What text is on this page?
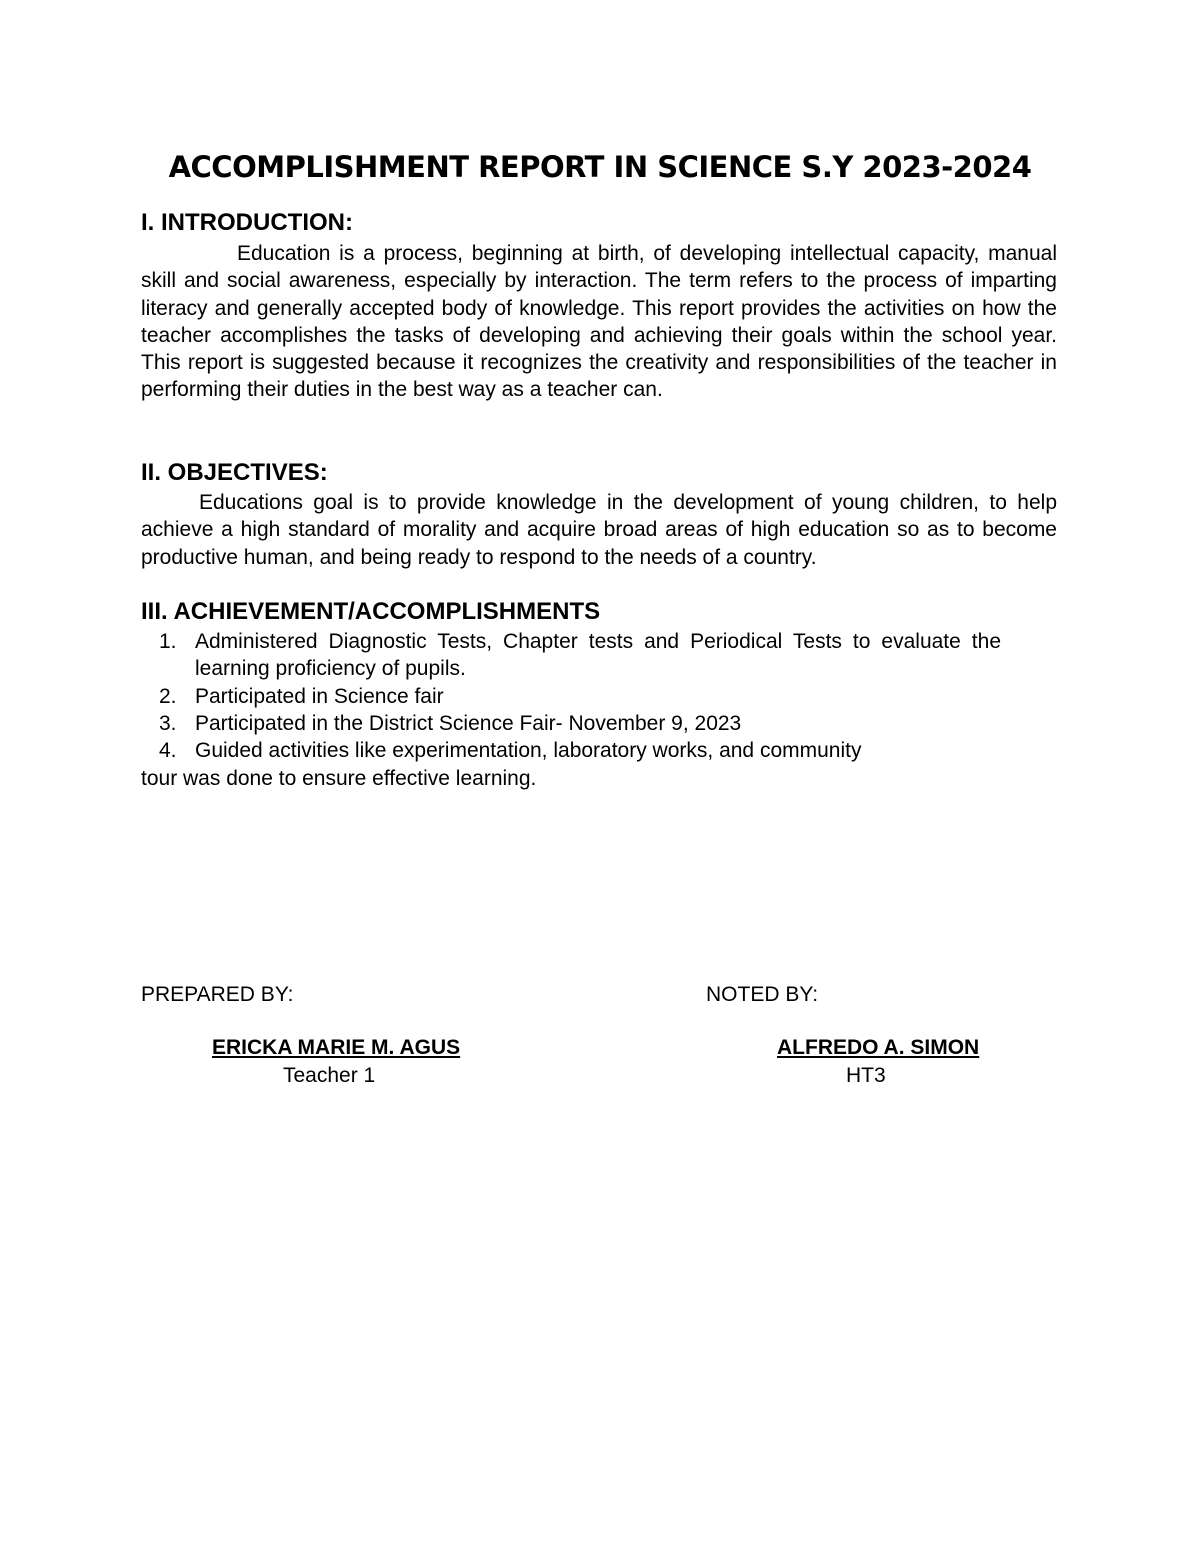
ACCOMPLISHMENT REPORT IN SCIENCE S.Y 2023-2024
I. INTRODUCTION:

Education is a process, beginning at birth, of developing intellectual capacity, manual skill and social awareness, especially by interaction. The term refers to the process of imparting literacy and generally accepted body of knowledge. This report provides the activities on how the teacher accomplishes the tasks of developing and achieving their goals within the school year. This report is suggested because it recognizes the creativity and responsibilities of the teacher in performing their duties in the best way as a teacher can.

II. OBJECTIVES:

Educations goal is to provide knowledge in the development of young children, to help achieve a high standard of morality and acquire broad areas of high education so as to become productive human, and being ready to respond to the needs of a country.

III. ACHIEVEMENT/ACCOMPLISHMENTS
1. Administered Diagnostic Tests, Chapter tests and Periodical Tests to evaluate the learning proficiency of pupils.
2. Participated in Science fair
3. Participated in the District Science Fair- November 9, 2023
4. Guided activities like experimentation, laboratory works, and community

tour was done to ensure effective learning.

PREPARED BY:	NOTED BY:

ERICKA MARIE M. AGUS	ALFREDO A. SIMON

Teacher 1	HT3
